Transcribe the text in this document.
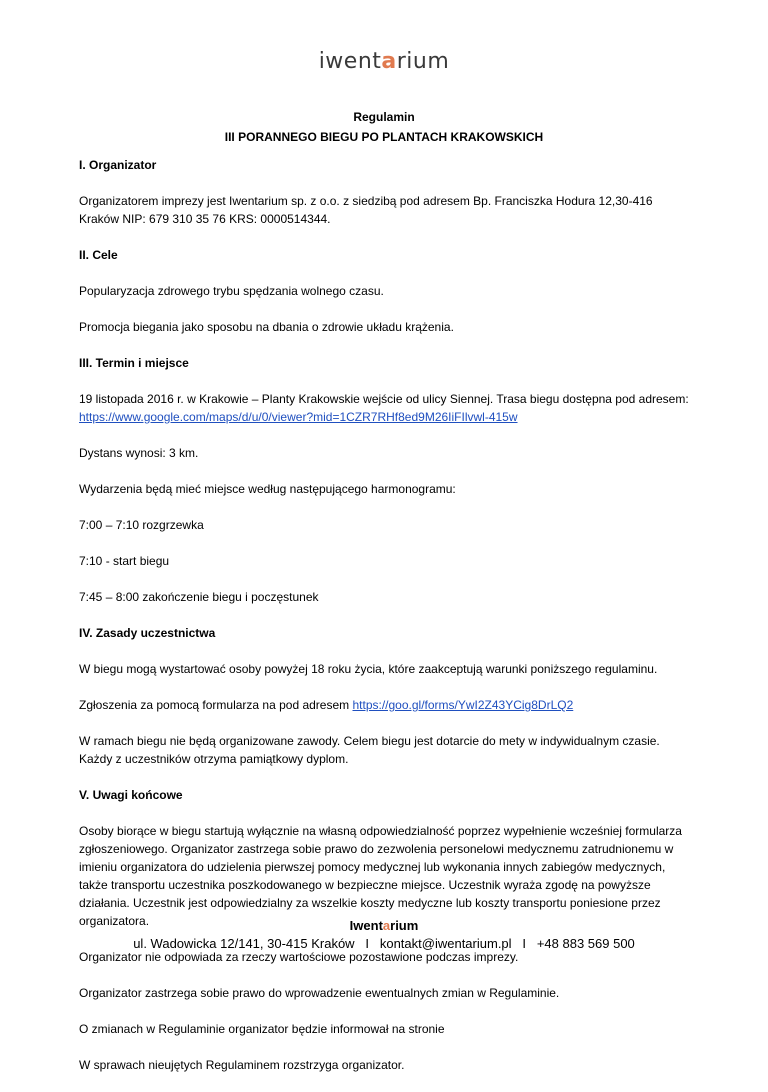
iwentarium
Regulamin
III PORANNEGO BIEGU PO PLANTACH KRAKOWSKICH
I. Organizator

Organizatorem imprezy jest Iwentarium sp. z o.o. z siedzibą pod adresem Bp. Franciszka Hodura 12,30-416 Kraków NIP: 679 310 35 76 KRS: 0000514344.

II. Cele

Popularyzacja zdrowego trybu spędzania wolnego czasu.

Promocja biegania jako sposobu na dbania o zdrowie układu krążenia.

III. Termin i miejsce

19 listopada 2016 r. w Krakowie – Planty Krakowskie wejście od ulicy Siennej. Trasa biegu dostępna pod adresem: https://www.google.com/maps/d/u/0/viewer?mid=1CZR7RHf8ed9M26IiFIlvwl-415w

Dystans wynosi: 3 km.

Wydarzenia będą mieć miejsce według następującego harmonogramu:

7:00 – 7:10 rozgrzewka

7:10 - start biegu

7:45 – 8:00 zakończenie biegu i poczęstunek

IV. Zasady uczestnictwa

W biegu mogą wystartować osoby powyżej 18 roku życia, które zaakceptują warunki poniższego regulaminu.

Zgłoszenia za pomocą formularza na pod adresem https://goo.gl/forms/YwI2Z43YCig8DrLQ2

W ramach biegu nie będą organizowane zawody. Celem biegu jest dotarcie do mety w indywidualnym czasie. Każdy z uczestników otrzyma pamiątkowy dyplom.

V. Uwagi końcowe

Osoby biorące w biegu startują wyłącznie na własną odpowiedzialność poprzez wypełnienie wcześniej formularza zgłoszeniowego. Organizator zastrzega sobie prawo do zezwolenia personelowi medycznemu zatrudnionemu w imieniu organizatora do udzielenia pierwszej pomocy medycznej lub wykonania innych zabiegów medycznych, także transportu uczestnika poszkodowanego w bezpieczne miejsce. Uczestnik wyraża zgodę na powyższe działania. Uczestnik jest odpowiedzialny za wszelkie koszty medyczne lub koszty transportu poniesione przez organizatora.

Organizator nie odpowiada za rzeczy wartościowe pozostawione podczas imprezy.

Organizator zastrzega sobie prawo do wprowadzenie ewentualnych zmian w Regulaminie.

O zmianach w Regulaminie organizator będzie informował na stronie

W sprawach nieujętych Regulaminem rozstrzyga organizator.

Iwentarium
ul. Wadowicka 12/141, 30-415 Kraków   I   kontakt@iwentarium.pl   I   +48 883 569 500
